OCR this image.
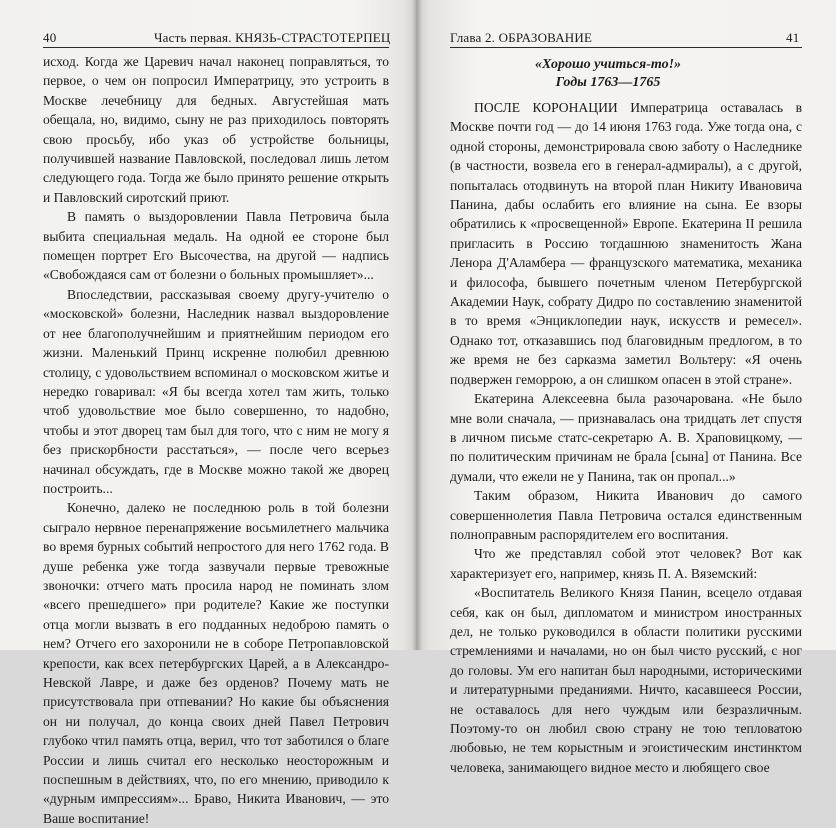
40	Часть первая. КНЯЗЬ-СТРАСТОТЕРПЕЦ

исход. Когда же Царевич начал наконец поправляться, то первое, о чем он попросил Императрицу, это устроить в Москве лечебницу для бедных. Августейшая мать обещала, но, видимо, сыну не раз приходилось повторять свою просьбу, ибо указ об устройстве больницы, получившей название Павловской, последовал лишь летом следующего года. Тогда же было принято решение открыть и Павловский сиротский приют.

В память о выздоровлении Павла Петровича была выбита специальная медаль. На одной ее стороне был помещен портрет Его Высочества, на другой — надпись «Свобождаяся сам от болезни о больных промышляет»...

Впоследствии, рассказывая своему другу-учителю о «московской» болезни, Наследник назвал выздоровление от нее благополучнейшим и приятнейшим периодом его жизни. Маленький Принц искренне полюбил древнюю столицу, с удовольствием вспоминал о московском житье и нередко говаривал: «Я бы всегда хотел там жить, только чтоб удовольствие мое было совершенно, то надобно, чтобы и этот дворец там был для того, что с ним не могу я без прискорбности расстаться», — после чего всерьез начинал обсуждать, где в Москве можно такой же дворец построить...

Конечно, далеко не последнюю роль в той болезни сыграло нервное перенапряжение восьмилетнего мальчика во время бурных событий непростого для него 1762 года. В душе ребенка уже тогда зазвучали первые тревожные звоночки: отчего мать просила народ не поминать злом «всего прешедшего» при родителе? Какие же поступки отца могли вызвать в его подданных недоброю память о нем? Отчего его захоронили не в соборе Петропавловской крепости, как всех петербургских Царей, а в Александро-Невской Лавре, и даже без орденов? Почему мать не присутствовала при отпевании? Но какие бы объяснения он ни получал, до конца своих дней Павел Петрович глубоко чтил память отца, верил, что тот заботился о благе России и лишь считал его несколько неосторожным и поспешным в действиях, что, по его мнению, приводило к «дурным импрессиям»... Браво, Никита Иванович, — это Ваше воспитание!

Глава 2. ОБРАЗОВАНИЕ	41
«Хорошо учиться-то!»
Годы 1763—1765

ПОСЛЕ КОРОНАЦИИ Императрица оставалась в Москве почти год — до 14 июня 1763 года. Уже тогда она, с одной стороны, демонстрировала свою заботу о Наследнике (в частности, возвела его в генерал-адмиралы), а с другой, попыталась отодвинуть на второй план Никиту Ивановича Панина, дабы ослабить его влияние на сына. Ее взоры обратились к «просвещенной» Европе. Екатерина II решила пригласить в Россию тогдашнюю знаменитость Жана Ленора Д'Аламбера — французского математика, механика и философа, бывшего почетным членом Петербургской Академии Наук, собрату Дидро по составлению знаменитой в то время «Энциклопедии наук, искусств и ремесел». Однако тот, отказавшись под благовидным предлогом, в то же время не без сарказма заметил Вольтеру: «Я очень подвержен геморрою, а он слишком опасен в этой стране».

Екатерина Алексеевна была разочарована. «Не было мне воли сначала, — признавалась она тридцать лет спустя в личном письме статс-секретарю А. В. Храповицкому, — по политическим причинам не брала [сына] от Панина. Все думали, что ежели не у Панина, так он пропал...»

Таким образом, Никита Иванович до самого совершеннолетия Павла Петровича остался единственным полноправным распорядителем его воспитания.

Что же представлял собой этот человек? Вот как характеризует его, например, князь П. А. Вяземский:

«Воспитатель Великого Князя Панин, всецело отдавая себя, как он был, дипломатом и министром иностранных дел, не только руководился в области политики русскими стремлениями и началами, но он был чисто русский, с ног до головы. Ум его напитан был народными, историческими и литературными преданиями. Ничто, касавшееся России, не оставалось для него чуждым или безразличным. Поэтому-то он любил свою страну не тою тепловатою любовью, не тем корыстным и эгоистическим инстинктом человека, занимающего видное место и любящего свое
